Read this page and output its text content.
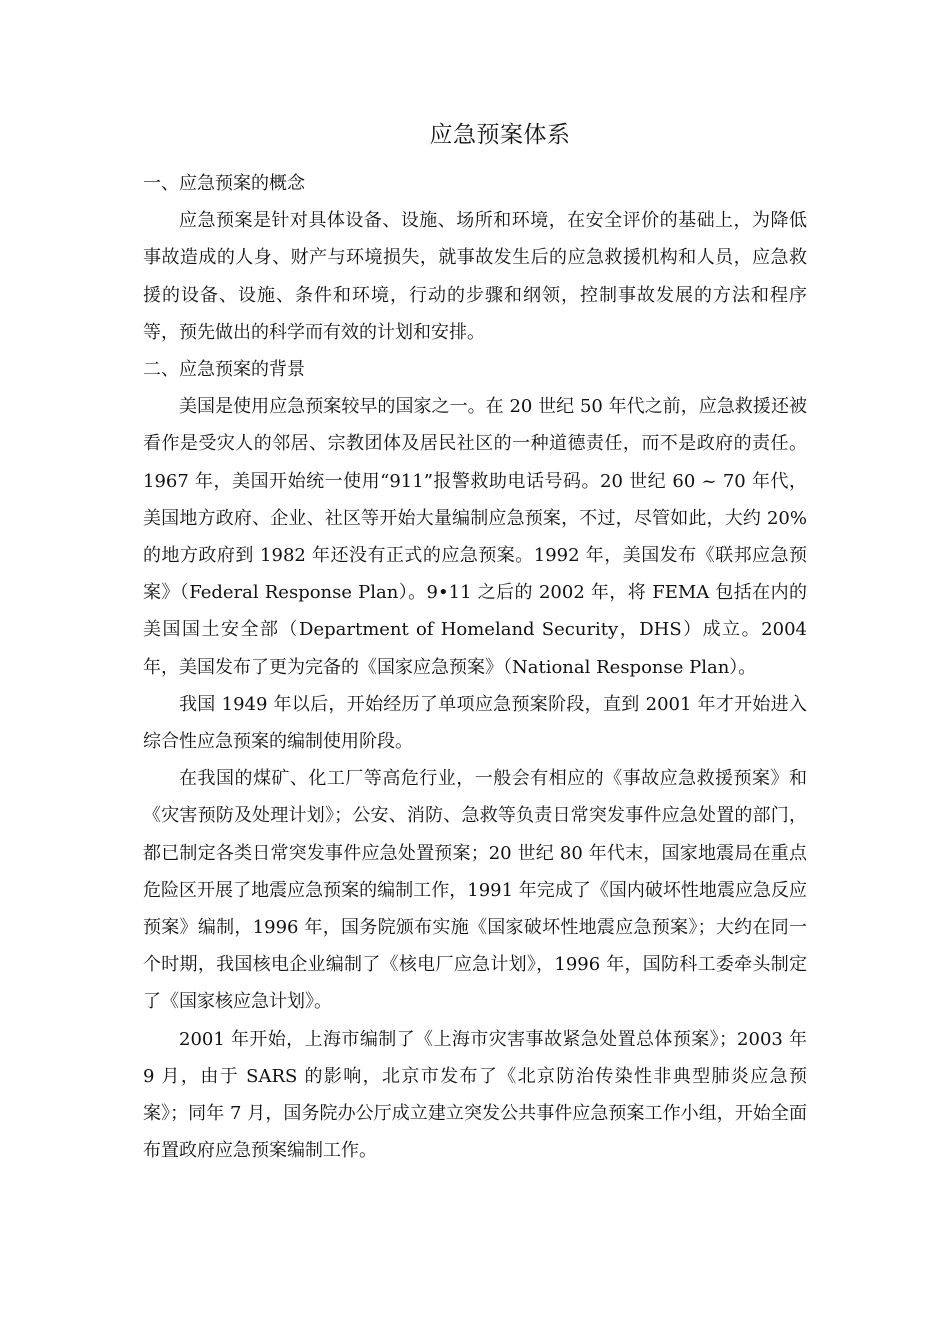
应急预案体系

一、应急预案的概念

应急预案是针对具体设备、设施、场所和环境，在安全评价的基础上，为降低事故造成的人身、财产与环境损失，就事故发生后的应急救援机构和人员，应急救援的设备、设施、条件和环境，行动的步骤和纲领，控制事故发展的方法和程序等，预先做出的科学而有效的计划和安排。

二、应急预案的背景

美国是使用应急预案较早的国家之一。在 20 世纪 50 年代之前，应急救援还被看作是受灾人的邻居、宗教团体及居民社区的一种道德责任，而不是政府的责任。1967 年，美国开始统一使用“911”报警救助电话号码。20 世纪 60 ~ 70 年代，美国地方政府、企业、社区等开始大量编制应急预案，不过，尽管如此，大约 20%的地方政府到 1982 年还没有正式的应急预案。1992 年，美国发布《联邦应急预案》（Federal Response Plan）。9•11 之后的 2002 年，将 FEMA 包括在内的美国国土安全部（Department of Homeland Security，DHS）成立。2004 年，美国发布了更为完备的《国家应急预案》（National Response Plan）。

我国 1949 年以后，开始经历了单项应急预案阶段，直到 2001 年才开始进入综合性应急预案的编制使用阶段。

在我国的煤矿、化工厂等高危行业，一般会有相应的《事故应急救援预案》和《灾害预防及处理计划》；公安、消防、急救等负责日常突发事件应急处置的部门，都已制定各类日常突发事件应急处置预案；20 世纪 80 年代末，国家地震局在重点危险区开展了地震应急预案的编制工作，1991 年完成了《国内破坏性地震应急反应预案》编制，1996 年，国务院颁布实施《国家破坏性地震应急预案》；大约在同一个时期，我国核电企业编制了《核电厂应急计划》，1996 年，国防科工委牵头制定了《国家核应急计划》。

2001 年开始，上海市编制了《上海市灾害事故紧急处置总体预案》；2003 年 9 月，由于 SARS 的影响，北京市发布了《北京防治传染性非典型肺炎应急预案》；同年 7 月，国务院办公厅成立建立突发公共事件应急预案工作小组，开始全面布置政府应急预案编制工作。
